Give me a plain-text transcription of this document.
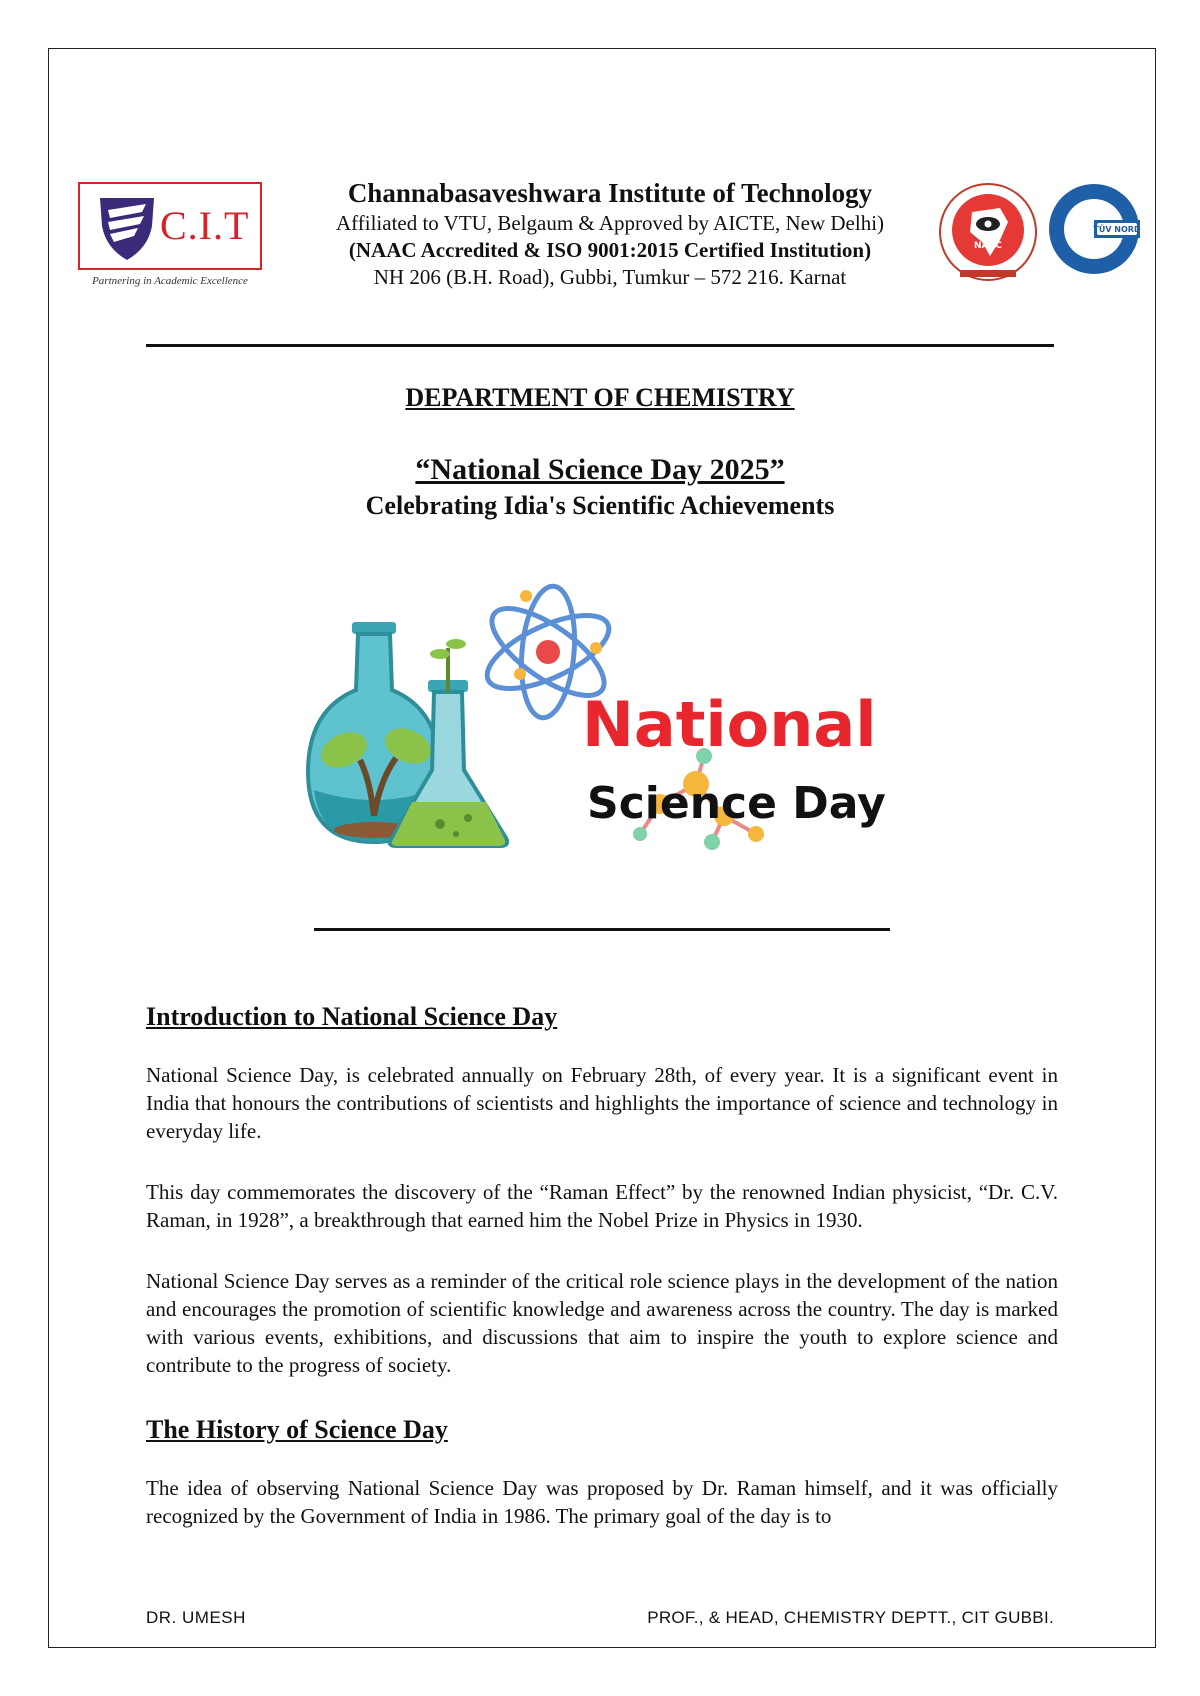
C.I.T
Partnering in Academic Excellence
Channabasaveshwara Institute of Technology
Affiliated to VTU, Belgaum & Approved by AICTE, New Delhi)
(NAAC Accredited & ISO 9001:2015 Certified Institution)
NH 206 (B.H. Road), Gubbi, Tumkur – 572 216. Karnat
NAAC
TÜV NORD
DEPARTMENT OF CHEMISTRY
“National Science Day 2025”
Celebrating Idia's Scientific Achievements
National
Science Day
Introduction to National Science Day

National Science Day, is celebrated annually on February 28th, of every year. It is a significant event in India that honours the contributions of scientists and highlights the importance of science and technology in everyday life.

This day commemorates the discovery of the “Raman Effect” by the renowned Indian physicist, “Dr. C.V. Raman, in 1928”, a breakthrough that earned him the Nobel Prize in Physics in 1930.

National Science Day serves as a reminder of the critical role science plays in the development of the nation and encourages the promotion of scientific knowledge and awareness across the country. The day is marked with various events, exhibitions, and discussions that aim to inspire the youth to explore science and contribute to the progress of society.

The History of Science Day

The idea of observing National Science Day was proposed by Dr. Raman himself, and it was officially recognized by the Government of India in 1986. The primary goal of the day is to

DR. UMESH	PROF., & HEAD, CHEMISTRY DEPTT., CIT GUBBI.
